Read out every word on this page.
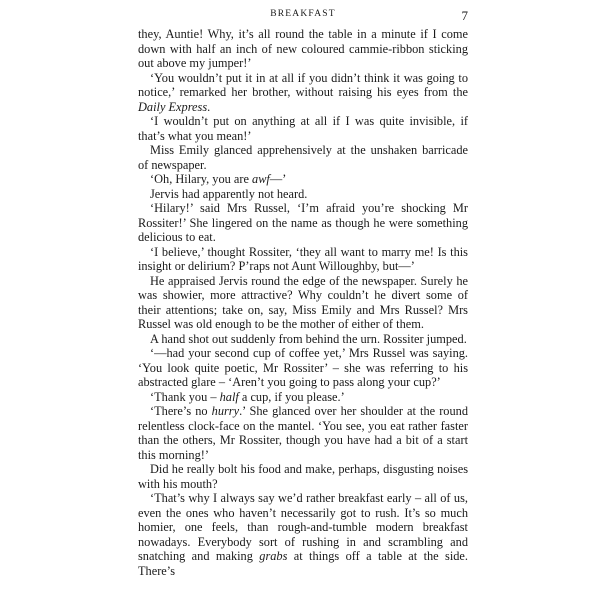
BREAKFAST	7

they, Auntie! Why, it’s all round the table in a minute if I come down with half an inch of new coloured cammie-ribbon sticking out above my jumper!’

‘You wouldn’t put it in at all if you didn’t think it was going to notice,’ remarked her brother, without raising his eyes from the Daily Express.

‘I wouldn’t put on anything at all if I was quite invisible, if that’s what you mean!’

Miss Emily glanced apprehensively at the unshaken barricade of newspaper.

‘Oh, Hilary, you are awf—’

Jervis had apparently not heard.

‘Hilary!’ said Mrs Russel, ‘I’m afraid you’re shocking Mr Rossiter!’ She lingered on the name as though he were something delicious to eat.

‘I believe,’ thought Rossiter, ‘they all want to marry me! Is this insight or delirium? P’raps not Aunt Willoughby, but—’

He appraised Jervis round the edge of the newspaper. Surely he was showier, more attractive? Why couldn’t he divert some of their attentions; take on, say, Miss Emily and Mrs Russel? Mrs Russel was old enough to be the mother of either of them.

A hand shot out suddenly from behind the urn. Rossiter jumped.

‘—had your second cup of coffee yet,’ Mrs Russel was saying. ‘You look quite poetic, Mr Rossiter’ – she was referring to his abstracted glare – ‘Aren’t you going to pass along your cup?’

‘Thank you – half a cup, if you please.’

‘There’s no hurry.’ She glanced over her shoulder at the round relentless clock-face on the mantel. ‘You see, you eat rather faster than the others, Mr Rossiter, though you have had a bit of a start this morning!’

Did he really bolt his food and make, perhaps, disgusting noises with his mouth?

‘That’s why I always say we’d rather breakfast early – all of us, even the ones who haven’t necessarily got to rush. It’s so much homier, one feels, than rough-and-tumble modern breakfast nowadays. Everybody sort of rushing in and scrambling and snatching and making grabs at things off a table at the side. There’s
